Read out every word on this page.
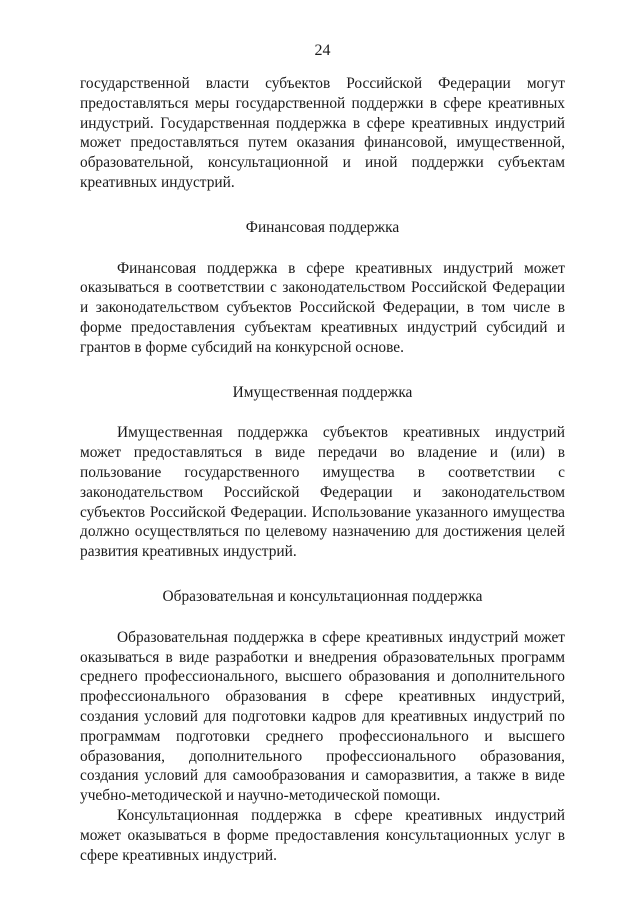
24

государственной власти субъектов Российской Федерации могут предоставляться меры государственной поддержки в сфере креативных индустрий. Государственная поддержка в сфере креативных индустрий может предоставляться путем оказания финансовой, имущественной, образовательной, консультационной и иной поддержки субъектам креативных индустрий.

Финансовая поддержка

Финансовая поддержка в сфере креативных индустрий может оказываться в соответствии с законодательством Российской Федерации и законодательством субъектов Российской Федерации, в том числе в форме предоставления субъектам креативных индустрий субсидий и грантов в форме субсидий на конкурсной основе.

Имущественная поддержка

Имущественная поддержка субъектов креативных индустрий может предоставляться в виде передачи во владение и (или) в пользование государственного имущества в соответствии с законодательством Российской Федерации и законодательством субъектов Российской Федерации. Использование указанного имущества должно осуществляться по целевому назначению для достижения целей развития креативных индустрий.

Образовательная и консультационная поддержка

Образовательная поддержка в сфере креативных индустрий может оказываться в виде разработки и внедрения образовательных программ среднего профессионального, высшего образования и дополнительного профессионального образования в сфере креативных индустрий, создания условий для подготовки кадров для креативных индустрий по программам подготовки среднего профессионального и высшего образования, дополнительного профессионального образования, создания условий для самообразования и саморазвития, а также в виде учебно-методической и научно-методической помощи.

Консультационная поддержка в сфере креативных индустрий может оказываться в форме предоставления консультационных услуг в сфере креативных индустрий.
